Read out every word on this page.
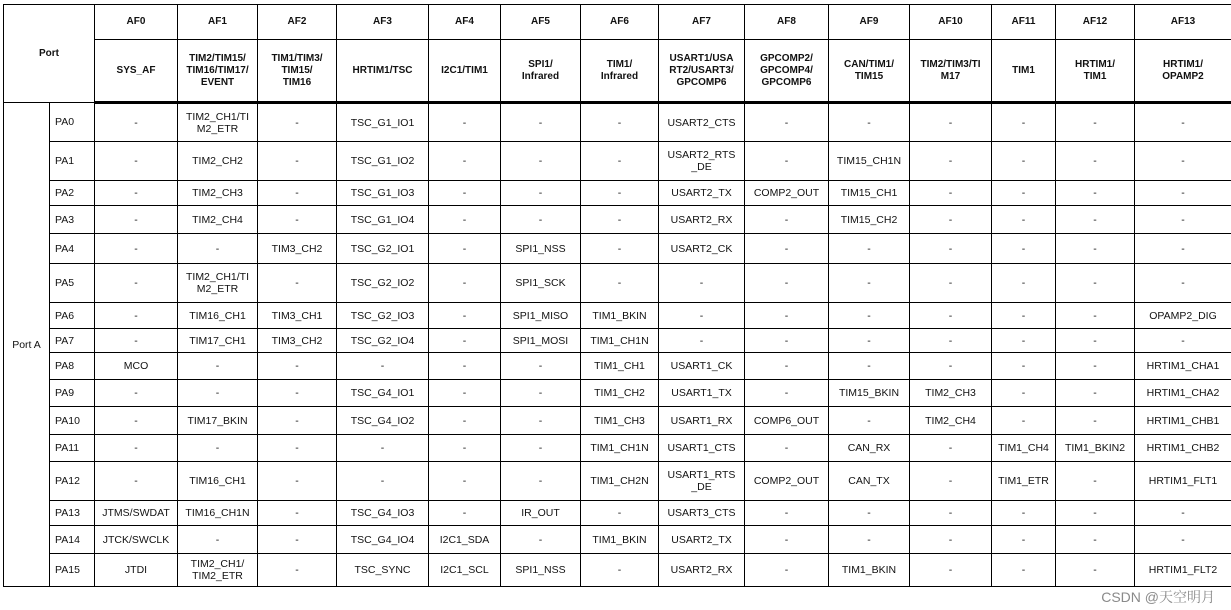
Port		AF0	AF1	AF2	AF3	AF4	AF5	AF6	AF7	AF8	AF9	AF10	AF11	AF12	AF13
		SYS_AF	TIM2/TIM15/
TIM16/TIM17/
EVENT	TIM1/TIM3/
TIM15/
TIM16	HRTIM1/TSC	I2C1/TIM1	SPI1/
Infrared	TIM1/
Infrared	USART1/USA
RT2/USART3/
GPCOMP6	GPCOMP2/
GPCOMP4/
GPCOMP6	CAN/TIM1/
TIM15	TIM2/TIM3/TI
M17	TIM1	HRTIM1/
TIM1	HRTIM1/
OPAMP2
Port A	PA0	-	TIM2_CH1/TI
M2_ETR	-	TSC_G1_IO1	-	-	-	USART2_CTS	-	-	-	-	-	-
	PA1	-	TIM2_CH2	-	TSC_G1_IO2	-	-	-	USART2_RTS
_DE	-	TIM15_CH1N	-	-	-	-
	PA2	-	TIM2_CH3	-	TSC_G1_IO3	-	-	-	USART2_TX	COMP2_OUT	TIM15_CH1	-	-	-	-
	PA3	-	TIM2_CH4	-	TSC_G1_IO4	-	-	-	USART2_RX	-	TIM15_CH2	-	-	-	-
	PA4	-	-	TIM3_CH2	TSC_G2_IO1	-	SPI1_NSS	-	USART2_CK	-	-	-	-	-	-
	PA5	-	TIM2_CH1/TI
M2_ETR	-	TSC_G2_IO2	-	SPI1_SCK	-	-	-	-	-	-	-	-
	PA6	-	TIM16_CH1	TIM3_CH1	TSC_G2_IO3	-	SPI1_MISO	TIM1_BKIN	-	-	-	-	-	-	OPAMP2_DIG
	PA7	-	TIM17_CH1	TIM3_CH2	TSC_G2_IO4	-	SPI1_MOSI	TIM1_CH1N	-	-	-	-	-	-	-
	PA8	MCO	-	-	-	-	-	TIM1_CH1	USART1_CK	-	-	-	-	-	HRTIM1_CHA1
	PA9	-	-	-	TSC_G4_IO1	-	-	TIM1_CH2	USART1_TX	-	TIM15_BKIN	TIM2_CH3	-	-	HRTIM1_CHA2
	PA10	-	TIM17_BKIN	-	TSC_G4_IO2	-	-	TIM1_CH3	USART1_RX	COMP6_OUT	-	TIM2_CH4	-	-	HRTIM1_CHB1
	PA11	-	-	-	-	-	-	TIM1_CH1N	USART1_CTS	-	CAN_RX	-	TIM1_CH4	TIM1_BKIN2	HRTIM1_CHB2
	PA12	-	TIM16_CH1	-	-	-	-	TIM1_CH2N	USART1_RTS
_DE	COMP2_OUT	CAN_TX	-	TIM1_ETR	-	HRTIM1_FLT1
	PA13	JTMS/SWDAT	TIM16_CH1N	-	TSC_G4_IO3	-	IR_OUT	-	USART3_CTS	-	-	-	-	-	-
	PA14	JTCK/SWCLK	-	-	TSC_G4_IO4	I2C1_SDA	-	TIM1_BKIN	USART2_TX	-	-	-	-	-	-
	PA15	JTDI	TIM2_CH1/
TIM2_ETR	-	TSC_SYNC	I2C1_SCL	SPI1_NSS	-	USART2_RX	-	TIM1_BKIN	-	-	-	HRTIM1_FLT2
CSDN @天空明月
